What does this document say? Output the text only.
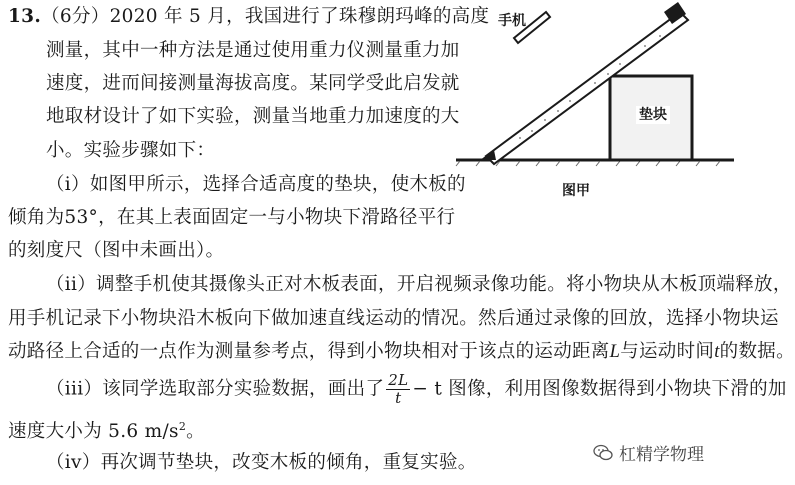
13.（6分）2020 年 5 月，我国进行了珠穆朗玛峰的高度
测量，其中一种方法是通过使用重力仪测量重力加
速度，进而间接测量海拔高度。某同学受此启发就
地取材设计了如下实验，测量当地重力加速度的大
小。实验步骤如下：
（i）如图甲所示，选择合适高度的垫块，使木板的
倾角为53°，在其上表面固定一与小物块下滑路径平行
的刻度尺（图中未画出）。
（ii）调整手机使其摄像头正对木板表面，开启视频录像功能。将小物块从木板顶端释放，
用手机记录下小物块沿木板向下做加速直线运动的情况。然后通过录像的回放，选择小物块运
动路径上合适的一点作为测量参考点，得到小物块相对于该点的运动距离L与运动时间t的数据。
（iii）该同学选取部分实验数据，画出了 $\frac{2L}{t} - t$ 图像，利用图像数据得到小物块下滑的加
速度大小为 5.6 $m/s^2$。
（iv）再次调节垫块，改变木板的倾角，重复实验。
手机
垫块
图甲
杠精学物理
